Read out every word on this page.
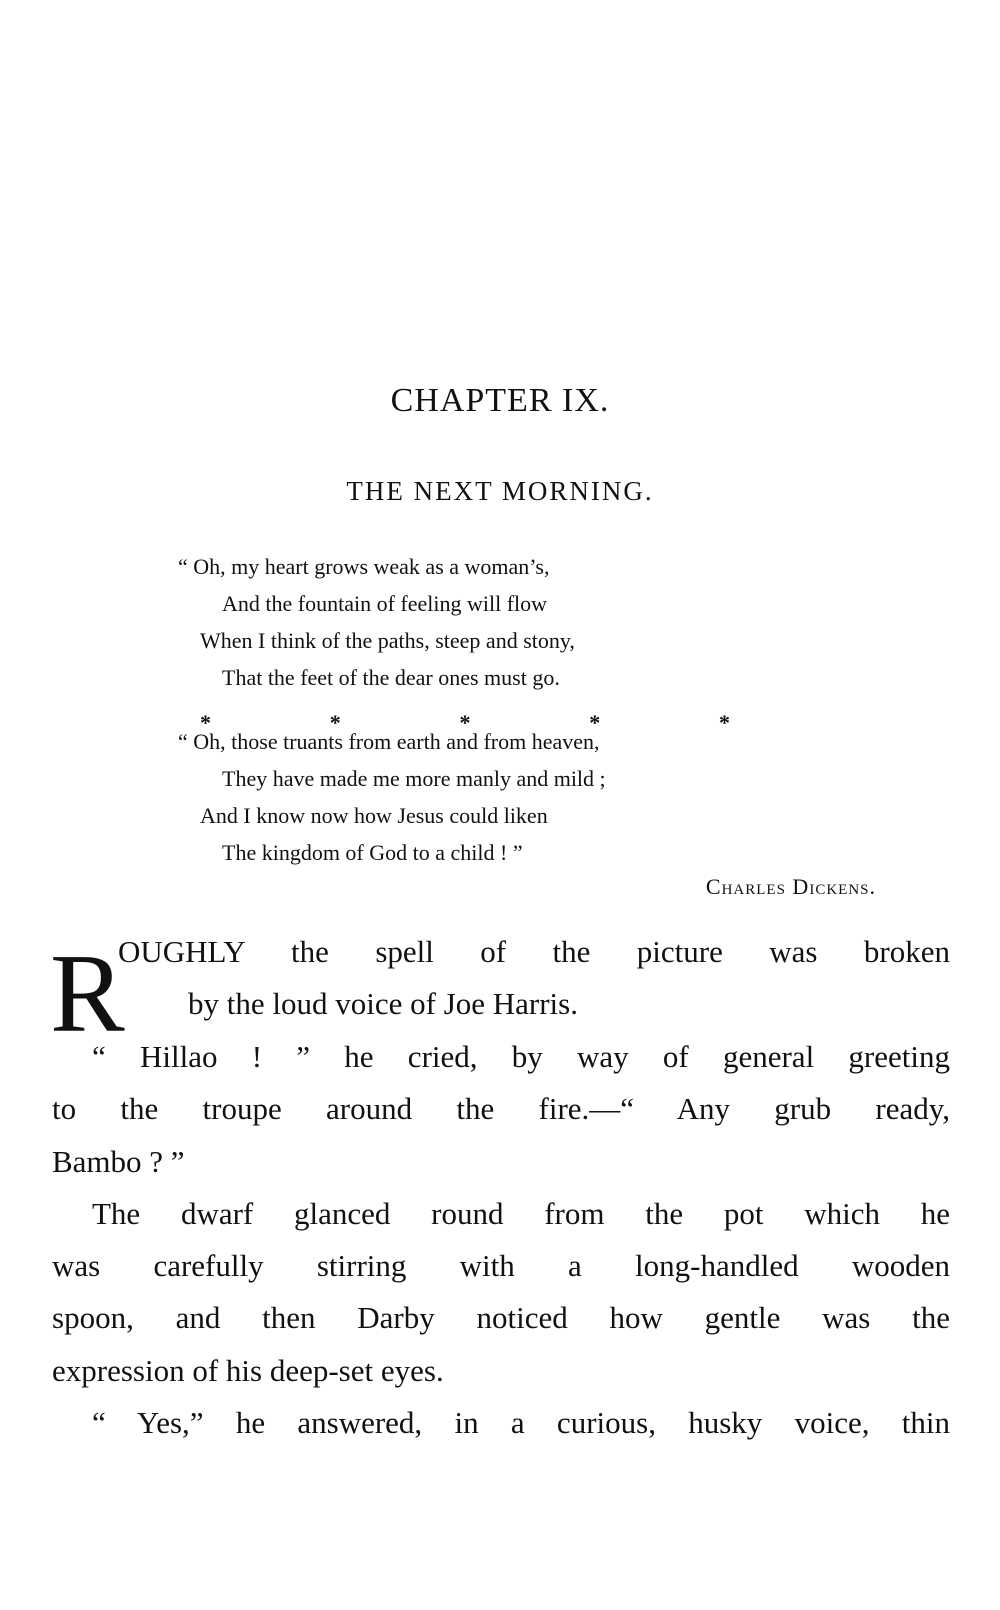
CHAPTER IX.
THE NEXT MORNING.
“ Oh, my heart grows weak as a woman’s,
And the fountain of feeling will flow
When I think of the paths, steep and stony,
That the feet of the dear ones must go.
*	*	*	*	*
“ Oh, those truants from earth and from heaven,
They have made me more manly and mild ;
And I know now how Jesus could liken
The kingdom of God to a child ! ”
Charles Dickens.
R
OUGHLY the spell of the picture was broken
by the loud voice of Joe Harris.
“ Hillao ! ” he cried, by way of general greeting
to the troupe around the fire.—“ Any grub ready,
Bambo ? ”
The dwarf glanced round from the pot which he
was carefully stirring with a long-handled wooden
spoon, and then Darby noticed how gentle was the
expression of his deep-set eyes.
“ Yes,” he answered, in a curious, husky voice, thin
